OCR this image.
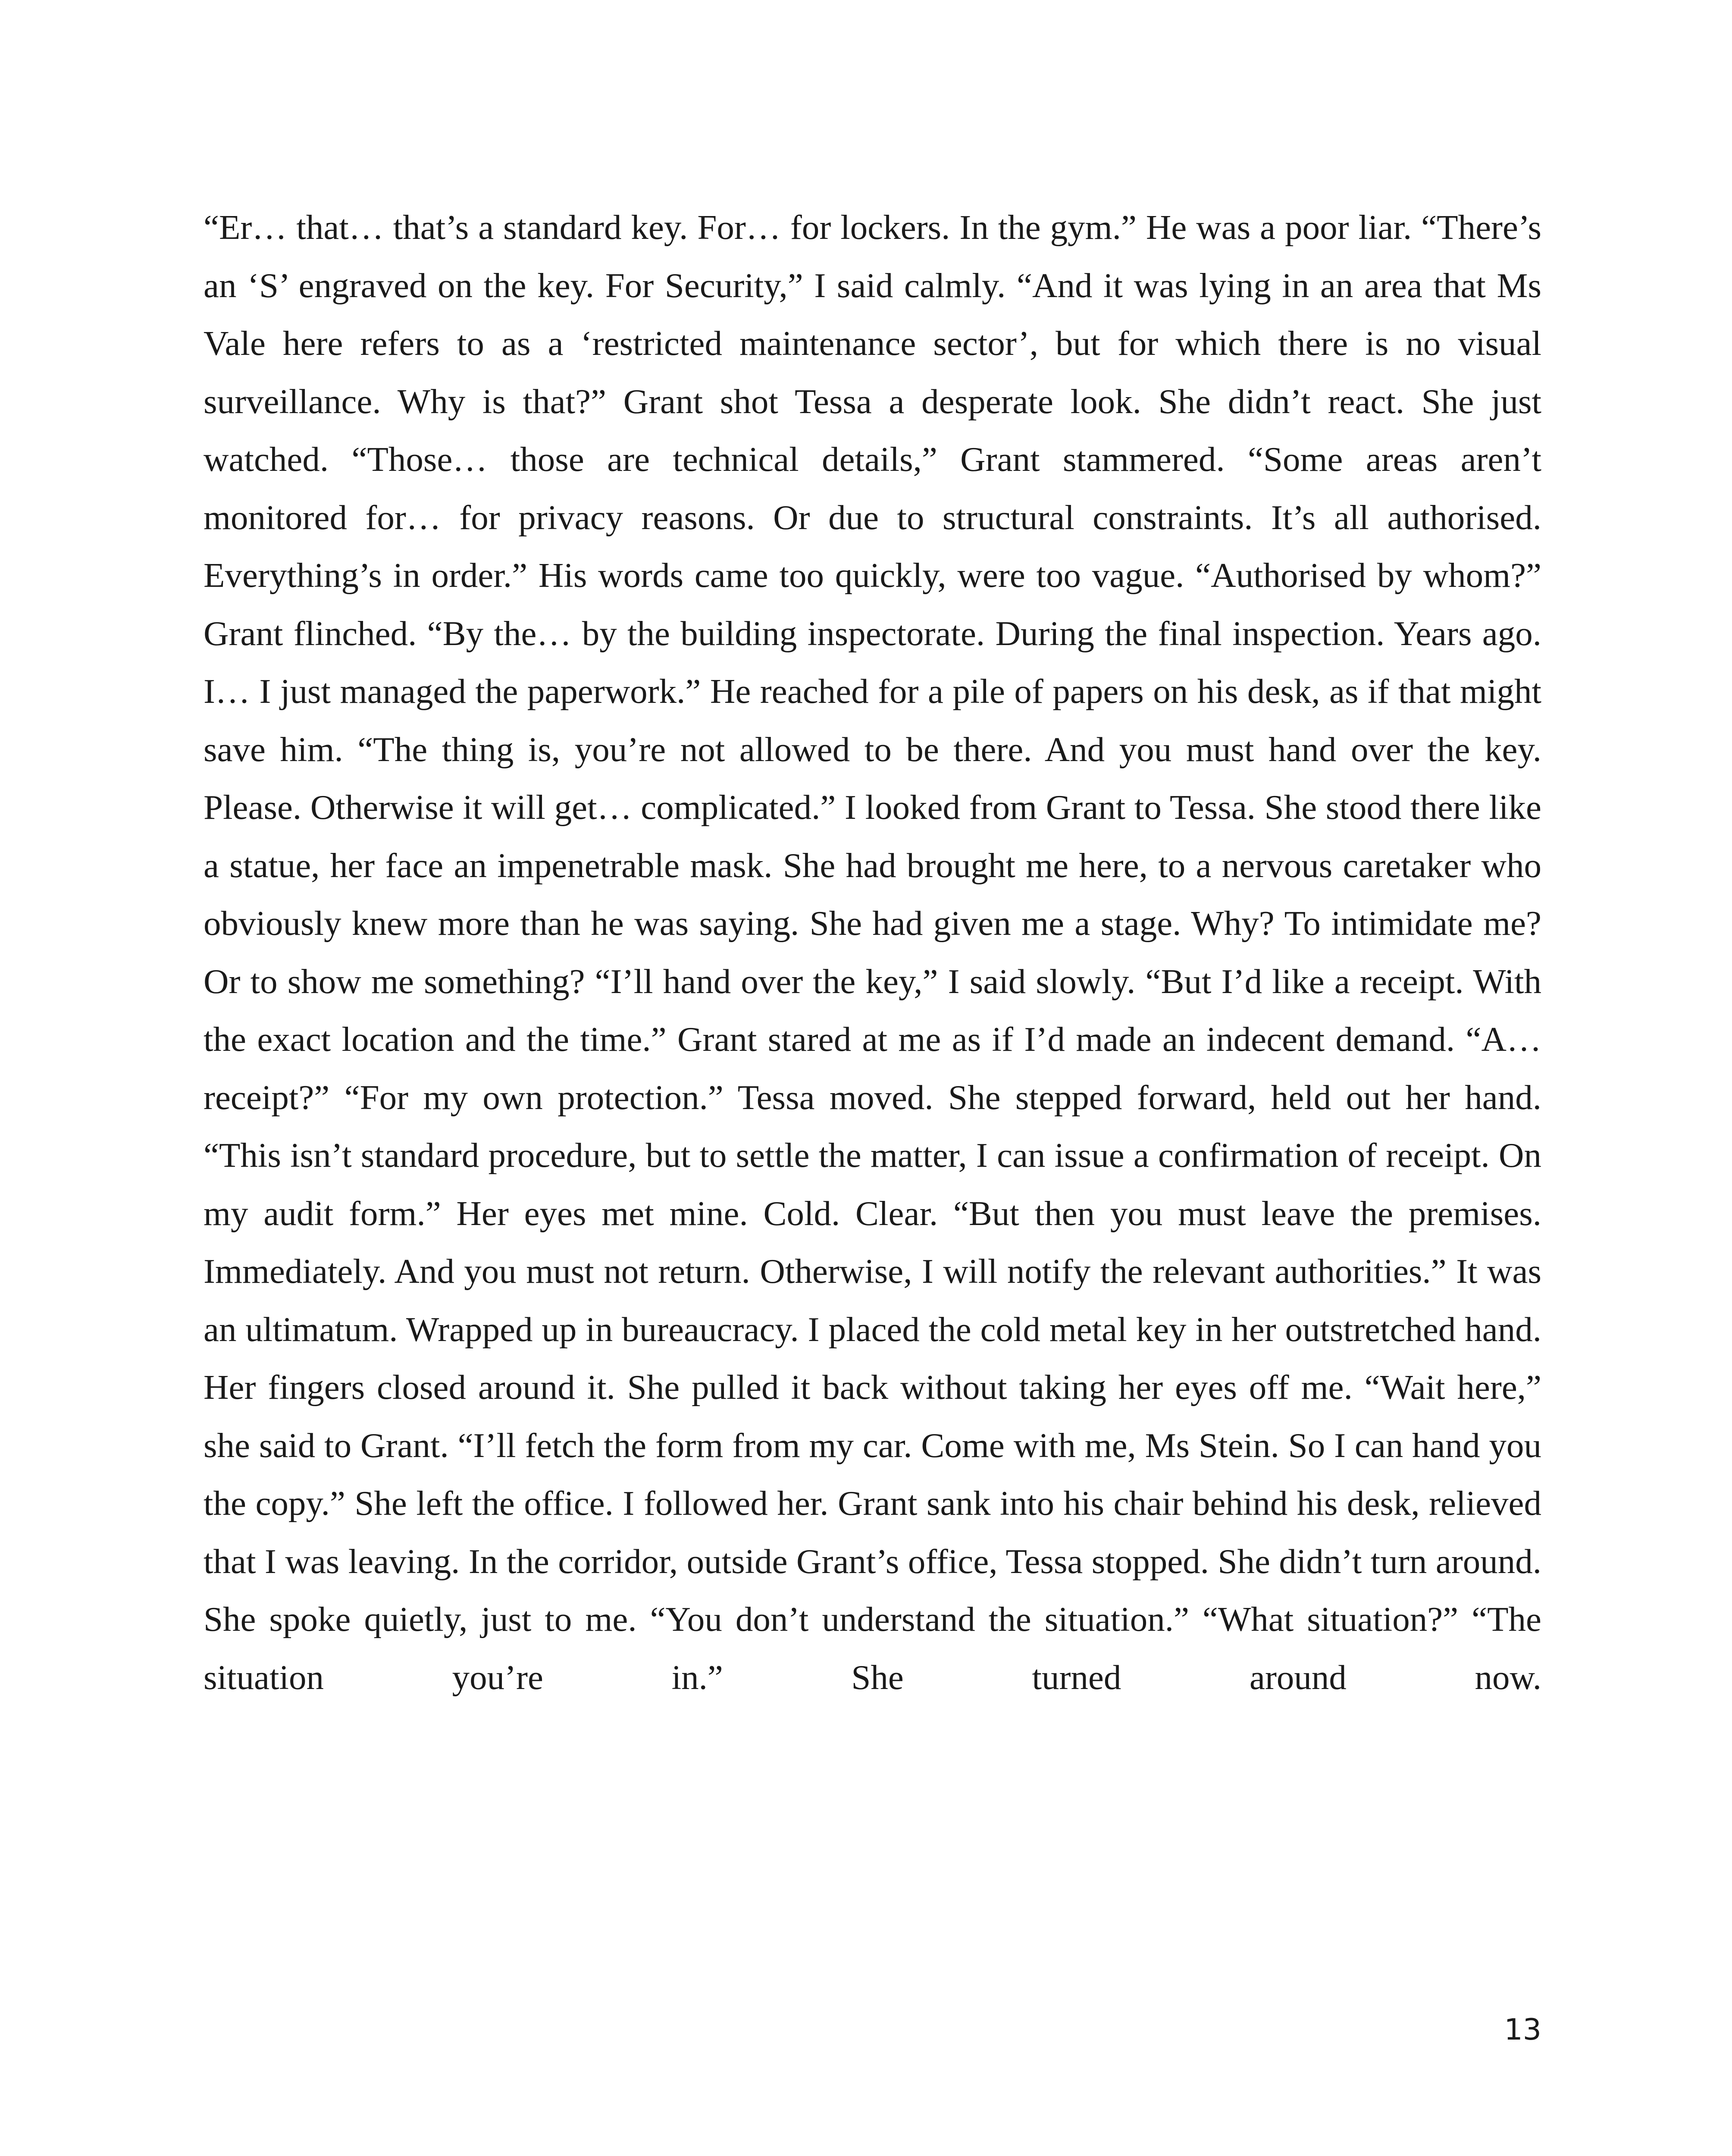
“Er… that… that’s a standard key. For… for lockers. In the gym.” He was a poor liar. “There’s an ‘S’ engraved on the key. For Security,” I said calmly. “And it was lying in an area that Ms Vale here refers to as a ‘restricted maintenance sector’, but for which there is no visual surveillance. Why is that?” Grant shot Tessa a desperate look. She didn’t react. She just watched. “Those… those are technical details,” Grant stammered. “Some areas aren’t monitored for… for privacy reasons. Or due to structural constraints. It’s all authorised. Everything’s in order.” His words came too quickly, were too vague. “Authorised by whom?” Grant flinched. “By the… by the building inspectorate. During the final inspection. Years ago. I… I just managed the paperwork.” He reached for a pile of papers on his desk, as if that might save him. “The thing is, you’re not allowed to be there. And you must hand over the key. Please. Otherwise it will get… complicated.” I looked from Grant to Tessa. She stood there like a statue, her face an impenetrable mask. She had brought me here, to a nervous caretaker who obviously knew more than he was saying. She had given me a stage. Why? To intimidate me? Or to show me something? “I’ll hand over the key,” I said slowly. “But I’d like a receipt. With the exact location and the time.” Grant stared at me as if I’d made an indecent demand. “A… receipt?” “For my own protection.” Tessa moved. She stepped forward, held out her hand. “This isn’t standard procedure, but to settle the matter, I can issue a confirmation of receipt. On my audit form.” Her eyes met mine. Cold. Clear. “But then you must leave the premises. Immediately. And you must not return. Otherwise, I will notify the relevant authorities.” It was an ultimatum. Wrapped up in bureaucracy. I placed the cold metal key in her outstretched hand. Her fingers closed around it. She pulled it back without taking her eyes off me. “Wait here,” she said to Grant. “I’ll fetch the form from my car. Come with me, Ms Stein. So I can hand you the copy.” She left the office. I followed her. Grant sank into his chair behind his desk, relieved that I was leaving. In the corridor, outside Grant’s office, Tessa stopped. She didn’t turn around. She spoke quietly, just to me. “You don’t understand the situation.” “What situation?” “The situation you’re in.” She turned around now.

13
